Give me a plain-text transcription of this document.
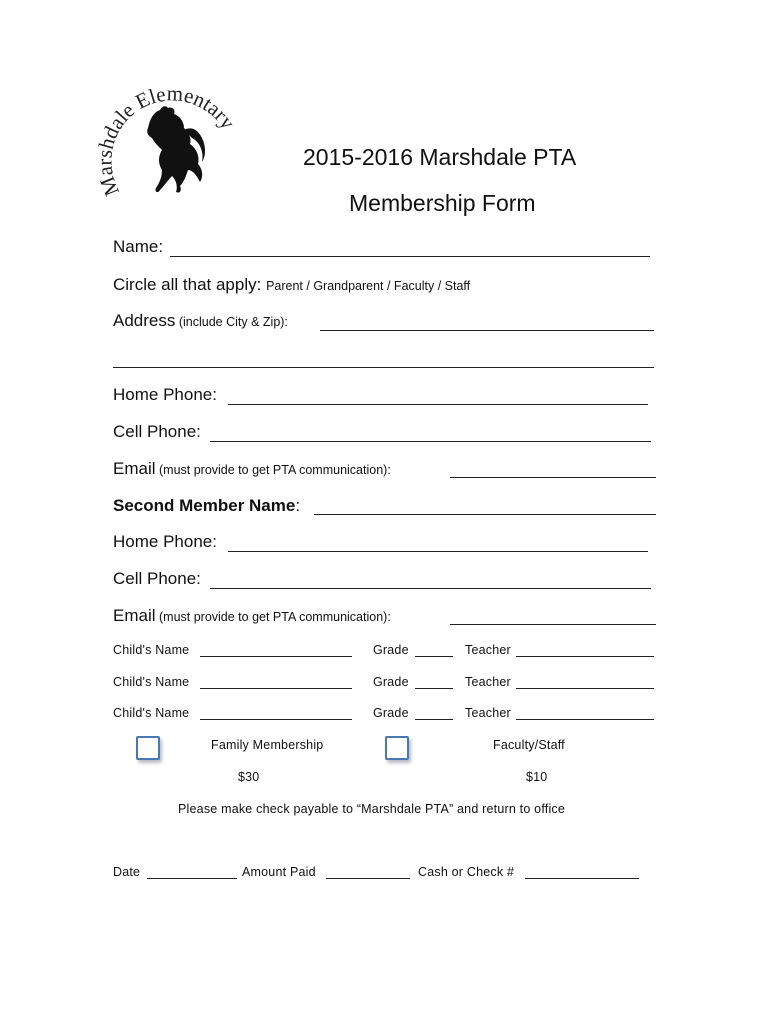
Marshdale Elementar
2015-2016 Marshdale PTA
Membership Form
Name:
Circle all that apply: Parent / Grandparent / Faculty / Staff
Address (include City & Zip):
Home Phone:
Cell Phone:
Email (must provide to get PTA communication):
Second Member Name:
Home Phone:
Cell Phone:
Email (must provide to get PTA communication):
Child's Name	Grade	Teacher
Child's Name	Grade	Teacher
Child's Name	Grade	Teacher
Family Membership
$30
Faculty/Staff
$10
Please make check payable to “Marshdale PTA” and return to office
Date	Amount Paid	Cash or Check #
